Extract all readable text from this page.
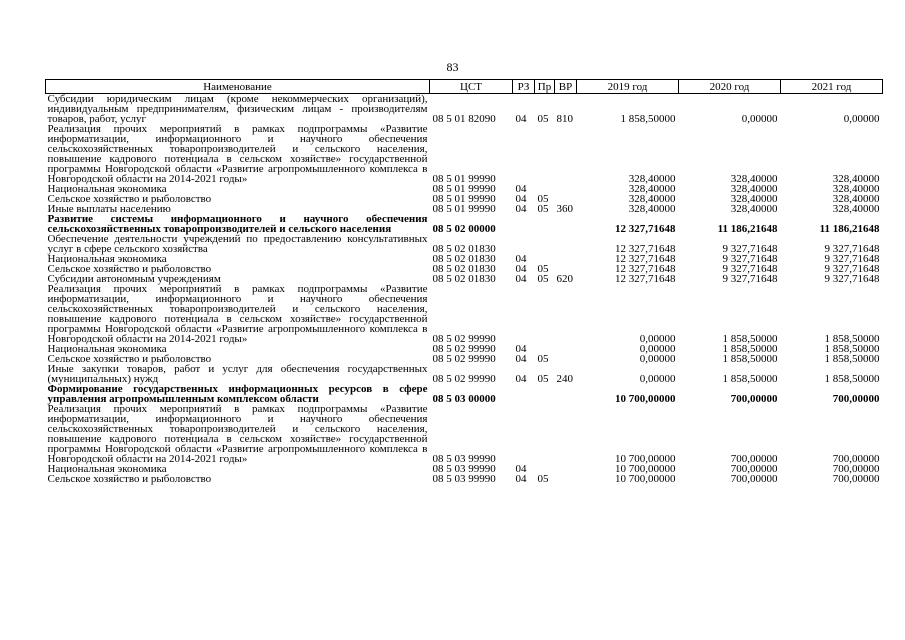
83
Наименование	ЦСТ	РЗ	Пр	ВР	2019 год	2020 год	2021 год
Субсидии юридическим лицам (кроме некоммерческих организаций), индивидуальным предпринимателям, физическим лицам - производителям товаров, работ, услуг	08 5 01 82090	04	05	810	1 858,50000	0,00000	0,00000
Реализация прочих мероприятий в рамках подпрограммы «Развитие информатизации, информационного и научного обеспечения сельскохозяйственных товаропроизводителей и сельского населения, повышение кадрового потенциала в сельском хозяйстве» государственной программы Новгородской области «Развитие агропромышленного комплекса в Новгородской области на 2014-2021 годы»	08 5 01 99990				328,40000	328,40000	328,40000
Национальная экономика	08 5 01 99990	04			328,40000	328,40000	328,40000
Сельское хозяйство и рыболовство	08 5 01 99990	04	05		328,40000	328,40000	328,40000
Иные выплаты населению	08 5 01 99990	04	05	360	328,40000	328,40000	328,40000
Развитие системы информационного и научного обеспечения сельскохозяйственных товаропроизводителей и сельского населения	08 5 02 00000				12 327,71648	11 186,21648	11 186,21648
Обеспечение деятельности учреждений по предоставлению консультативных услуг в сфере сельского хозяйства	08 5 02 01830				12 327,71648	9 327,71648	9 327,71648
Национальная экономика	08 5 02 01830	04			12 327,71648	9 327,71648	9 327,71648
Сельское хозяйство и рыболовство	08 5 02 01830	04	05		12 327,71648	9 327,71648	9 327,71648
Субсидии автономным учреждениям	08 5 02 01830	04	05	620	12 327,71648	9 327,71648	9 327,71648
Реализация прочих мероприятий в рамках подпрограммы «Развитие информатизации, информационного и научного обеспечения сельскохозяйственных товаропроизводителей и сельского населения, повышение кадрового потенциала в сельском хозяйстве» государственной программы Новгородской области «Развитие агропромышленного комплекса в Новгородской области на 2014-2021 годы»	08 5 02 99990				0,00000	1 858,50000	1 858,50000
Национальная экономика	08 5 02 99990	04			0,00000	1 858,50000	1 858,50000
Сельское хозяйство и рыболовство	08 5 02 99990	04	05		0,00000	1 858,50000	1 858,50000
Иные закупки товаров, работ и услуг для обеспечения государственных (муниципальных) нужд	08 5 02 99990	04	05	240	0,00000	1 858,50000	1 858,50000
Формирование государственных информационных ресурсов в сфере управления агропромышленным комплексом области	08 5 03 00000				10 700,00000	700,00000	700,00000
Реализация прочих мероприятий в рамках подпрограммы «Развитие информатизации, информационного и научного обеспечения сельскохозяйственных товаропроизводителей и сельского населения, повышение кадрового потенциала в сельском хозяйстве» государственной программы Новгородской области «Развитие агропромышленного комплекса в Новгородской области на 2014-2021 годы»	08 5 03 99990				10 700,00000	700,00000	700,00000
Национальная экономика	08 5 03 99990	04			10 700,00000	700,00000	700,00000
Сельское хозяйство и рыболовство	08 5 03 99990	04	05		10 700,00000	700,00000	700,00000
